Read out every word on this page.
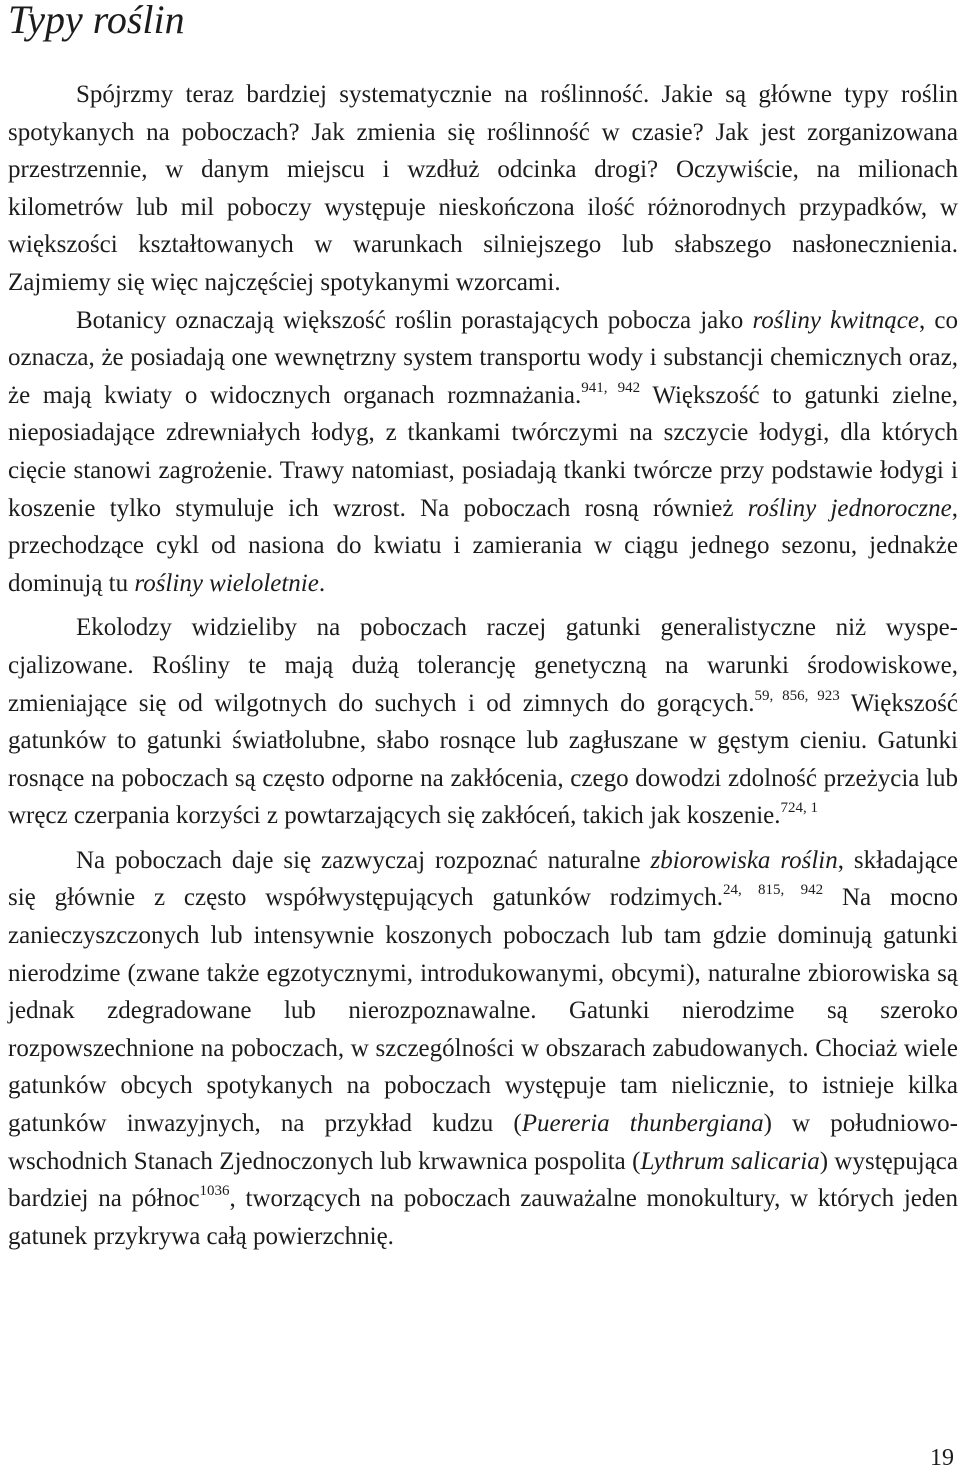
Typy roślin

Spójrzmy teraz bardziej systematycznie na roślinność. Jakie są główne typy roślin spotykanych na poboczach? Jak zmienia się roślinność w czasie? Jak jest zorganizowana przestrzennie, w danym miejscu i wzdłuż odcinka drogi? Oczywiście, na milionach kilometrów lub mil poboczy występuje nieskończona ilość różnorodnych przypadków, w większości kształtowanych w warunkach silniejszego lub słabszego nasłonecznienia. Zajmiemy się więc najczęściej spotykanymi wzorcami.

Botanicy oznaczają większość roślin porastających pobocza jako rośliny kwitnące, co oznacza, że posiadają one wewnętrzny system transportu wody i substancji chemicznych oraz, że mają kwiaty o widocznych organach rozmnażania.$^{941, 942}$ Większość to gatunki zielne, nieposiadające zdrewniałych łodyg, z tkankami twórczymi na szczycie łodygi, dla których cięcie stanowi zagrożenie. Trawy natomiast, posiadają tkanki twórcze przy podstawie łodygi i koszenie tylko stymuluje ich wzrost. Na poboczach rosną również rośliny jednoroczne, przechodzące cykl od nasiona do kwiatu i zamierania w ciągu jednego sezonu, jednakże dominują tu rośliny wieloletnie.

Ekolodzy widzieliby na poboczach raczej gatunki generalistyczne niż wyspecjalizowane. Rośliny te mają dużą tolerancję genetyczną na warunki środowiskowe, zmieniające się od wilgotnych do suchych i od zimnych do gorących.$^{59, 856, 923}$ Większość gatunków to gatunki światłolubne, słabo rosnące lub zagłuszane w gęstym cieniu. Gatunki rosnące na poboczach są często odporne na zakłócenia, czego dowodzi zdolność przeżycia lub wręcz czerpania korzyści z powtarzających się zakłóceń, takich jak koszenie.$^{724, 1}$

Na poboczach daje się zazwyczaj rozpoznać naturalne zbiorowiska roślin, składające się głównie z często współwystępujących gatunków rodzimych.$^{24, 815, 942}$ Na mocno zanieczyszczonych lub intensywnie koszonych poboczach lub tam gdzie dominują gatunki nierodzime (zwane także egzotycznymi, introdukowanymi, obcymi), naturalne zbiorowiska są jednak zdegradowane lub nierozpoznawalne. Gatunki nierodzime są szeroko rozpowszechnione na poboczach, w szczególności w obszarach zabudowanych. Chociaż wiele gatunków obcych spotykanych na poboczach występuje tam nielicznie, to istnieje kilka gatunków inwazyjnych, na przykład kudzu (Puereria thunbergiana) w południowo-wschodnich Stanach Zjednoczonych lub krwawnica pospolita (Lythrum salicaria) występująca bardziej na północ$^{1036}$, tworzących na poboczach zauważalne monokultury, w których jeden gatunek przykrywa całą powierzchnię.

19
